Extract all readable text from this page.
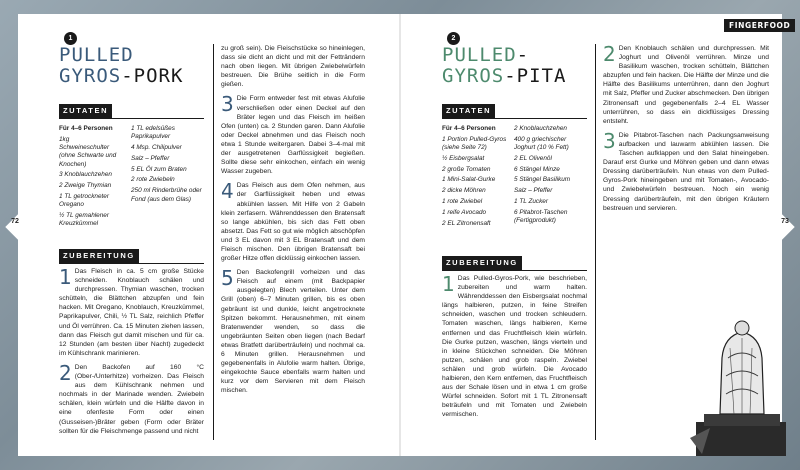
72	73
FINGERFOOD
1
PULLED
GYROS-PORK
ZUTATEN
Für 4–6 Personen
1kg Schweineschulter (ohne Schwarte und Knochen)
3 Knoblauchzehen
2 Zweige Thymian
1 TL getrockneter Oregano
½ TL gemahlener Kreuzkümmel
1 TL edelsüßes Paprikapulver
4 Msp. Chilipulver
Salz – Pfeffer
5 EL Öl zum Braten
2 rote Zwiebeln
250 ml Rinderbrühe oder Fond (aus dem Glas)
ZUBEREITUNG
1 Das Fleisch in ca. 5 cm große Stücke schneiden. Knoblauch schälen und durchpressen. Thymian waschen, trocken schütteln, die Blättchen abzupfen und fein hacken. Mit Oregano, Knoblauch, Kreuzkümmel, Paprikapulver, Chili, ½ TL Salz, reichlich Pfeffer und Öl verrühren. Ca. 15 Minuten ziehen lassen, dann das Fleisch gut damit mischen und für ca. 12 Stunden (am besten über Nacht) zugedeckt im Kühlschrank marinieren.
2 Den Backofen auf 160 °C (Ober-/Unterhitze) vorheizen. Das Fleisch aus dem Kühlschrank nehmen und nochmals in der Marinade wenden. Zwiebeln schälen, klein würfeln und die Hälfte davon in eine ofenfeste Form oder einen (Gusseisen-)Bräter geben (Form oder Bräter sollten für die Fleischmenge passend und nicht
zu groß sein). Die Fleischstücke so hineinlegen, dass sie dicht an dicht und mit der Fetträndern nach oben liegen. Mit übrigen Zwiebelwürfeln bestreuen. Die Brühe seitlich in die Form gießen.
3 Die Form entweder fest mit etwas Alufolie verschließen oder einen Deckel auf den Bräter legen und das Fleisch im heißen Ofen (unten) ca. 2 Stunden garen. Dann Alufolie oder Deckel abnehmen und das Fleisch noch etwa 1 Stunde weitergaren. Dabei 3–4-mal mit der ausgetretenen Garflüssigkeit begießen. Sollte diese sehr einkochen, einfach ein wenig Wasser zugeben.
4 Das Fleisch aus dem Ofen nehmen, aus der Garflüssigkeit heben und etwas abkühlen lassen. Mit Hilfe von 2 Gabeln klein zerfasern. Währenddessen den Bratensaft so lange abkühlen, bis sich das Fett oben absetzt. Das Fett so gut wie möglich abschöpfen und 3 EL davon mit 3 EL Bratensaft und dem Fleisch mischen. Den übrigen Bratensaft bei großer Hitze offen dicklüssig einkochen lassen.
5 Den Backofengrill vorheizen und das Fleisch auf einem (mit Backpapier ausgelegten) Blech verteilen. Unter dem Grill (oben) 6–7 Minuten grillen, bis es oben gebräunt ist und dunkle, leicht angetrocknete Spitzen bekommt. Herausnehmen, mit einem Bratenwender wenden, so dass die ungebräunten Seiten oben liegen (nach Bedarf etwas Bratfett darüberträufeln) und nochmal ca. 6 Minuten grillen. Herausnehmen und gegebenenfalls in Alufolie warm halten. Übrige, eingekochte Sauce ebenfalls warm halten und kurz vor dem Servieren mit dem Fleisch mischen.
2
PULLED-
GYROS-PITA
ZUTATEN
Für 4–6 Personen
1 Portion Pulled-Gyros (siehe Seite 72)
½ Eisbergsalat
2 große Tomaten
1 Mini-Salat-Gurke
2 dicke Möhren
1 rote Zwiebel
1 reife Avocado
2 EL Zitronensaft
2 Knoblauchzehen
400 g griechischer Joghurt (10 % Fett)
2 EL Olivenöl
6 Stängel Minze
5 Stängel Basilikum
Salz – Pfeffer
1 TL Zucker
6 Pitabrot-Taschen (Fertigprodukt)
ZUBEREITUNG
1 Das Pulled-Gyros-Pork, wie beschrieben, zubereiten und warm halten. Währenddessen den Eisbergsalat nochmal längs halbieren, putzen, in feine Streifen schneiden, waschen und trocken schleudern. Tomaten waschen, längs halbieren, Kerne entfernen und das Fruchtfleisch klein würfeln. Die Gurke putzen, waschen, längs vierteln und in kleine Stückchen schneiden. Die Möhren putzen, schälen und grob raspeln. Zwiebel schälen und grob würfeln. Die Avocado halbieren, den Kern entfernen, das Fruchtfleisch aus der Schale lösen und in etwa 1 cm große Würfel schneiden. Sofort mit 1 TL Zitronensaft beträufeln und mit Tomaten und Zwiebeln vermischen.
2 Den Knoblauch schälen und durchpressen. Mit Joghurt und Olivenöl verrühren. Minze und Basilikum waschen, trocken schütteln, Blättchen abzupfen und fein hacken. Die Hälfte der Minze und die Hälfte des Basilikums unterrühren, dann den Joghurt mit Salz, Pfeffer und Zucker abschmecken. Den übrigen Zitronensaft und gegebenenfalls 2–4 EL Wasser unterrühren, so dass ein dickflüssiges Dressing entsteht.
3 Die Pitabrot-Taschen nach Packungsanweisung aufbacken und lauwarm abkühlen lassen. Die Taschen aufklappen und den Salat hineingeben. Darauf erst Gurke und Möhren geben und dann etwas Dressing darüberträufeln. Nun etwas von dem Pulled-Gyros-Pork hineingeben und mit Tomaten-, Avocado- und Zwiebelwürfeln bestreuen. Noch ein wenig Dressing darüberträufeln, mit den übrigen Kräutern bestreuen und servieren.
